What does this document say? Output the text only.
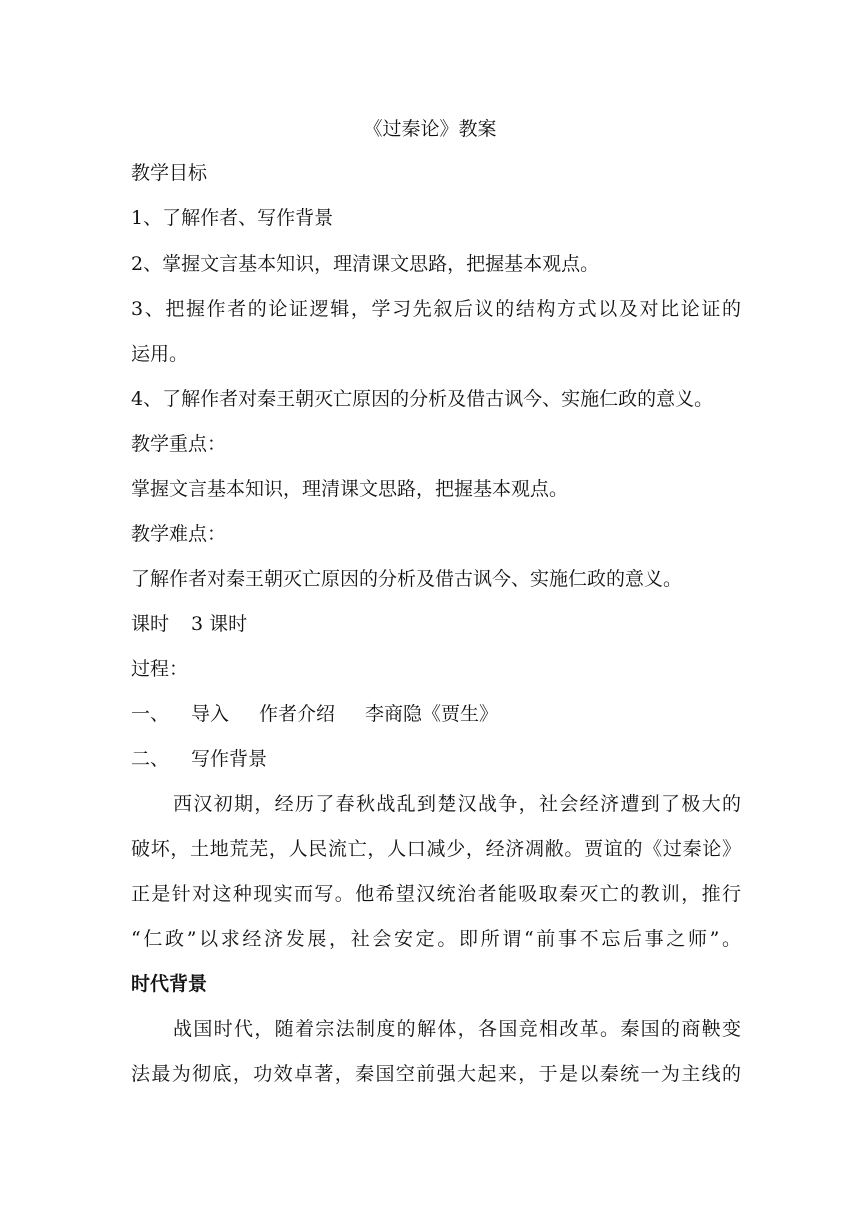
《过秦论》教案
教学目标
1、了解作者、写作背景
2、掌握文言基本知识，理清课文思路，把握基本观点。
3、把握作者的论证逻辑，学习先叙后议的结构方式以及对比论证的
运用。
4、了解作者对秦王朝灭亡原因的分析及借古讽今、实施仁政的意义。
教学重点：
掌握文言基本知识，理清课文思路，把握基本观点。
教学难点：
了解作者对秦王朝灭亡原因的分析及借古讽今、实施仁政的意义。
课时 3 课时
过程：
一、 导入 作者介绍 李商隐《贾生》
二、 写作背景
西汉初期，经历了春秋战乱到楚汉战争，社会经济遭到了极大的
破坏，土地荒芜，人民流亡，人口减少，经济凋敝。贾谊的《过秦论》
正是针对这种现实而写。他希望汉统治者能吸取秦灭亡的教训，推行
“仁政”以求经济发展，社会安定。即所谓“前事不忘后事之师”。
时代背景
战国时代，随着宗法制度的解体，各国竞相改革。秦国的商鞅变
法最为彻底，功效卓著，秦国空前强大起来，于是以秦统一为主线的
